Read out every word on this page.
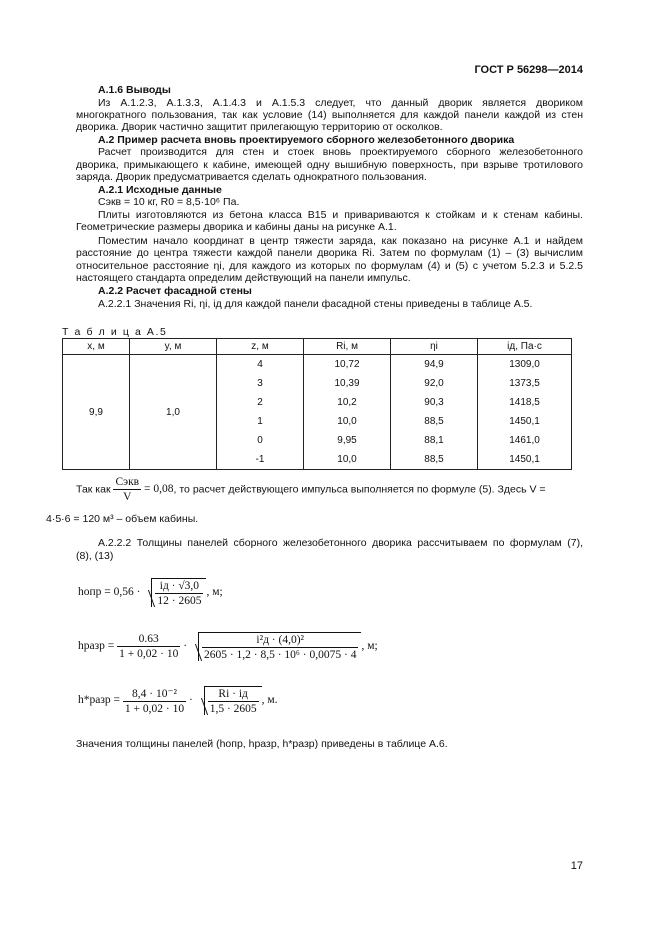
ГОСТ Р 56298—2014
А.1.6 Выводы
Из А.1.2.3, А.1.3.3, А.1.4.3 и А.1.5.3 следует, что данный дворик является двориком
многократного пользования, так как условие (14) выполняется для каждой панели каждой из стен
дворика. Дворик частично защитит прилегающую территорию от осколков.
А.2 Пример расчета вновь проектируемого сборного железобетонного дворика
Расчет производится для стен и стоек вновь проектируемого сборного железобетонного
дворика, примыкающего к кабине, имеющей одну вышибную поверхность, при взрыве тротилового
заряда. Дворик предусматривается сделать однократного пользования.
А.2.1 Исходные данные
Сэкв = 10 кг, R0 = 8,5·10⁶ Па.
Плиты изготовляются из бетона класса В15 и привариваются к стойкам и к стенам кабины.
Геометрические размеры дворика и кабины даны на рисунке А.1.
Поместим начало координат в центр тяжести заряда, как показано на рисунке А.1 и найдем
расстояние до центра тяжести каждой панели дворика Ri. Затем по формулам (1) – (3) вычислим
относительное расстояние ηi, для каждого из которых по формулам (4) и (5) с учетом 5.2.3 и 5.2.5
настоящего стандарта определим действующий на панели импульс.
А.2.2 Расчет фасадной стены
А.2.2.1 Значения Ri, ηi, iд для каждой панели фасадной стены приведены в таблице А.5.
Т а б л и ц а А.5
x, м	y, м	z, м	Ri, м	ηi	iд, Па·с
9,9	1,0	4	10,72	94,9	1309,0
		3	10,39	92,0	1373,5
		2	10,2	90,3	1418,5
		1	10,0	88,5	1450,1
		0	9,95	88,1	1461,0
		-1	10,0	88,5	1450,1
Так как $\frac{\text{Cэкв}}{V} = 0,08$, то расчет действующего импульса выполняется по формуле (5). Здесь V =
4·5·6 = 120 м³ – объем кабины.
А.2.2.2 Толщины панелей сборного железобетонного дворика рассчитываем по формулам (7),
(8), (13)
hопр = $0,56 \cdot \frac{iд \cdot √3,0}{12 \cdot 2605}$ , м;
hразр = $\frac{0.63}{1 + 0,02 \cdot 10} \cdot \frac{\text{i²д · (4,0)²}}{\text{2605 · 1,2 · 8,5 · 10⁶ · 0,0075 · 4}}$ , м;
h*разр = $\frac{\text{8,4 · 10⁻²}}{1 + 0,02 \cdot 10} \cdot \frac{Ri \cdot iд}{1,5 \cdot 2605}$ , м.
Значения толщины панелей (hопр, hразр, h*разр) приведены в таблице А.6.
17
